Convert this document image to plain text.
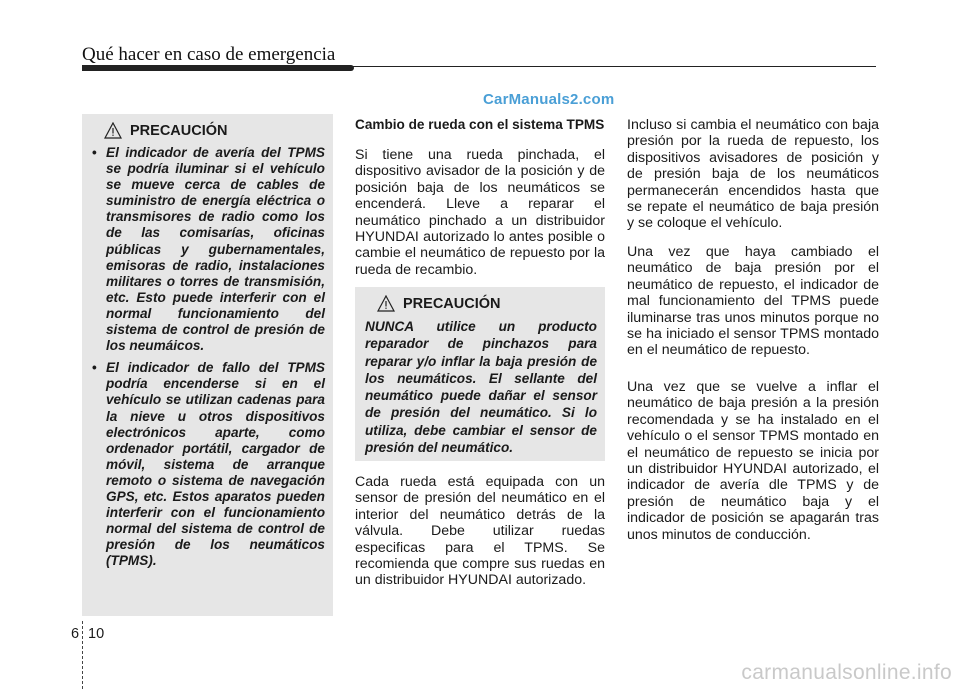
Qué hacer en caso de emergencia
CarManuals2.com
PRECAUCIÓN
• El indicador de avería del TPMS se podría iluminar si el vehículo se mueve cerca de cables de suministro de energía eléctrica o transmisores de radio como los de las comisarías, oficinas públicas y gubernamentales, emisoras de radio, instalaciones militares o torres de transmisión, etc. Esto puede interferir con el normal funcionamiento del sistema de control de presión de los neumáicos.
• El indicador de fallo del TPMS podría encenderse si en el vehículo se utilizan cadenas para la nieve u otros dispositivos electrónicos aparte, como ordenador portátil, cargador de móvil, sistema de arranque remoto o sistema de navegación GPS, etc. Estos aparatos pueden interferir con el funcionamiento normal del sistema de control de presión de los neumáticos (TPMS).
Cambio de rueda con el sistema TPMS
Si tiene una rueda pinchada, el dispositivo avisador de la posición y de posición baja de los neumáticos se encenderá. Lleve a reparar el neumático pinchado a un distribuidor HYUNDAI autorizado lo antes posible o cambie el neumático de repuesto por la rueda de recambio.
PRECAUCIÓN
NUNCA utilice un producto reparador de pinchazos para reparar y/o inflar la baja presión de los neumáticos. El sellante del neumático puede dañar el sensor de presión del neumático. Si lo utiliza, debe cambiar el sensor de presión del neumático.
Cada rueda está equipada con un sensor de presión del neumático en el interior del neumático detrás de la válvula. Debe utilizar ruedas especificas para el TPMS. Se recomienda que compre sus ruedas en un distribuidor HYUNDAI autorizado.
Incluso si cambia el neumático con baja presión por la rueda de repuesto, los dispositivos avisadores de posición y de presión baja de los neumáticos permanecerán encendidos hasta que se repate el neumático de baja presión y se coloque el vehículo.
Una vez que haya cambiado el neumático de baja presión por el neumático de repuesto, el indicador de mal funcionamiento del TPMS puede iluminarse tras unos minutos porque no se ha iniciado el sensor TPMS montado en el neumático de repuesto.
Una vez que se vuelve a inflar el neumático de baja presión a la presión recomendada y se ha instalado en el vehículo o el sensor TPMS montado en el neumático de repuesto se inicia por un distribuidor HYUNDAI autorizado, el indicador de avería dle TPMS y de presión de neumático baja y el indicador de posición se apagarán tras unos minutos de conducción.
6 10
carmanualsonline.info
